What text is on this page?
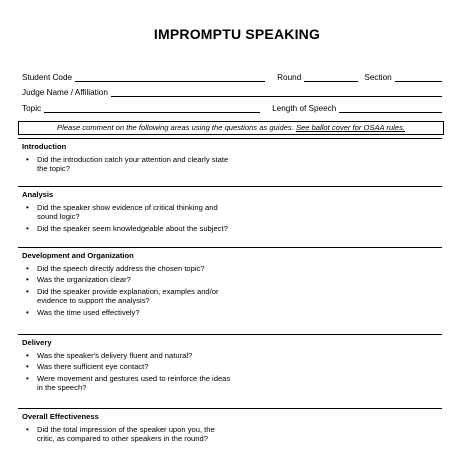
IMPROMPTU SPEAKING
Student Code	Round	Section
Judge Name / Affiliation
Topic	Length of Speech
Please comment on the following areas using the questions as guides. See ballot cover for OSAA rules.
Introduction
•	Did the introduction catch your attention and clearly state the topic?
Analysis
•	Did the speaker show evidence of critical thinking and sound logic?
•	Did the speaker seem knowledgeable about the subject?
Development and Organization
•	Did the speech directly address the chosen topic?
•	Was the organization clear?
•	Did the speaker provide explanation, examples and/or evidence to support the analysis?
•	Was the time used effectively?
Delivery
•	Was the speaker's delivery fluent and natural?
•	Was there sufficient eye contact?
•	Were movement and gestures used to reinforce the ideas in the speech?
Overall Effectiveness
•	Did the total impression of the speaker upon you, the critic, as compared to other speakers in the round?
